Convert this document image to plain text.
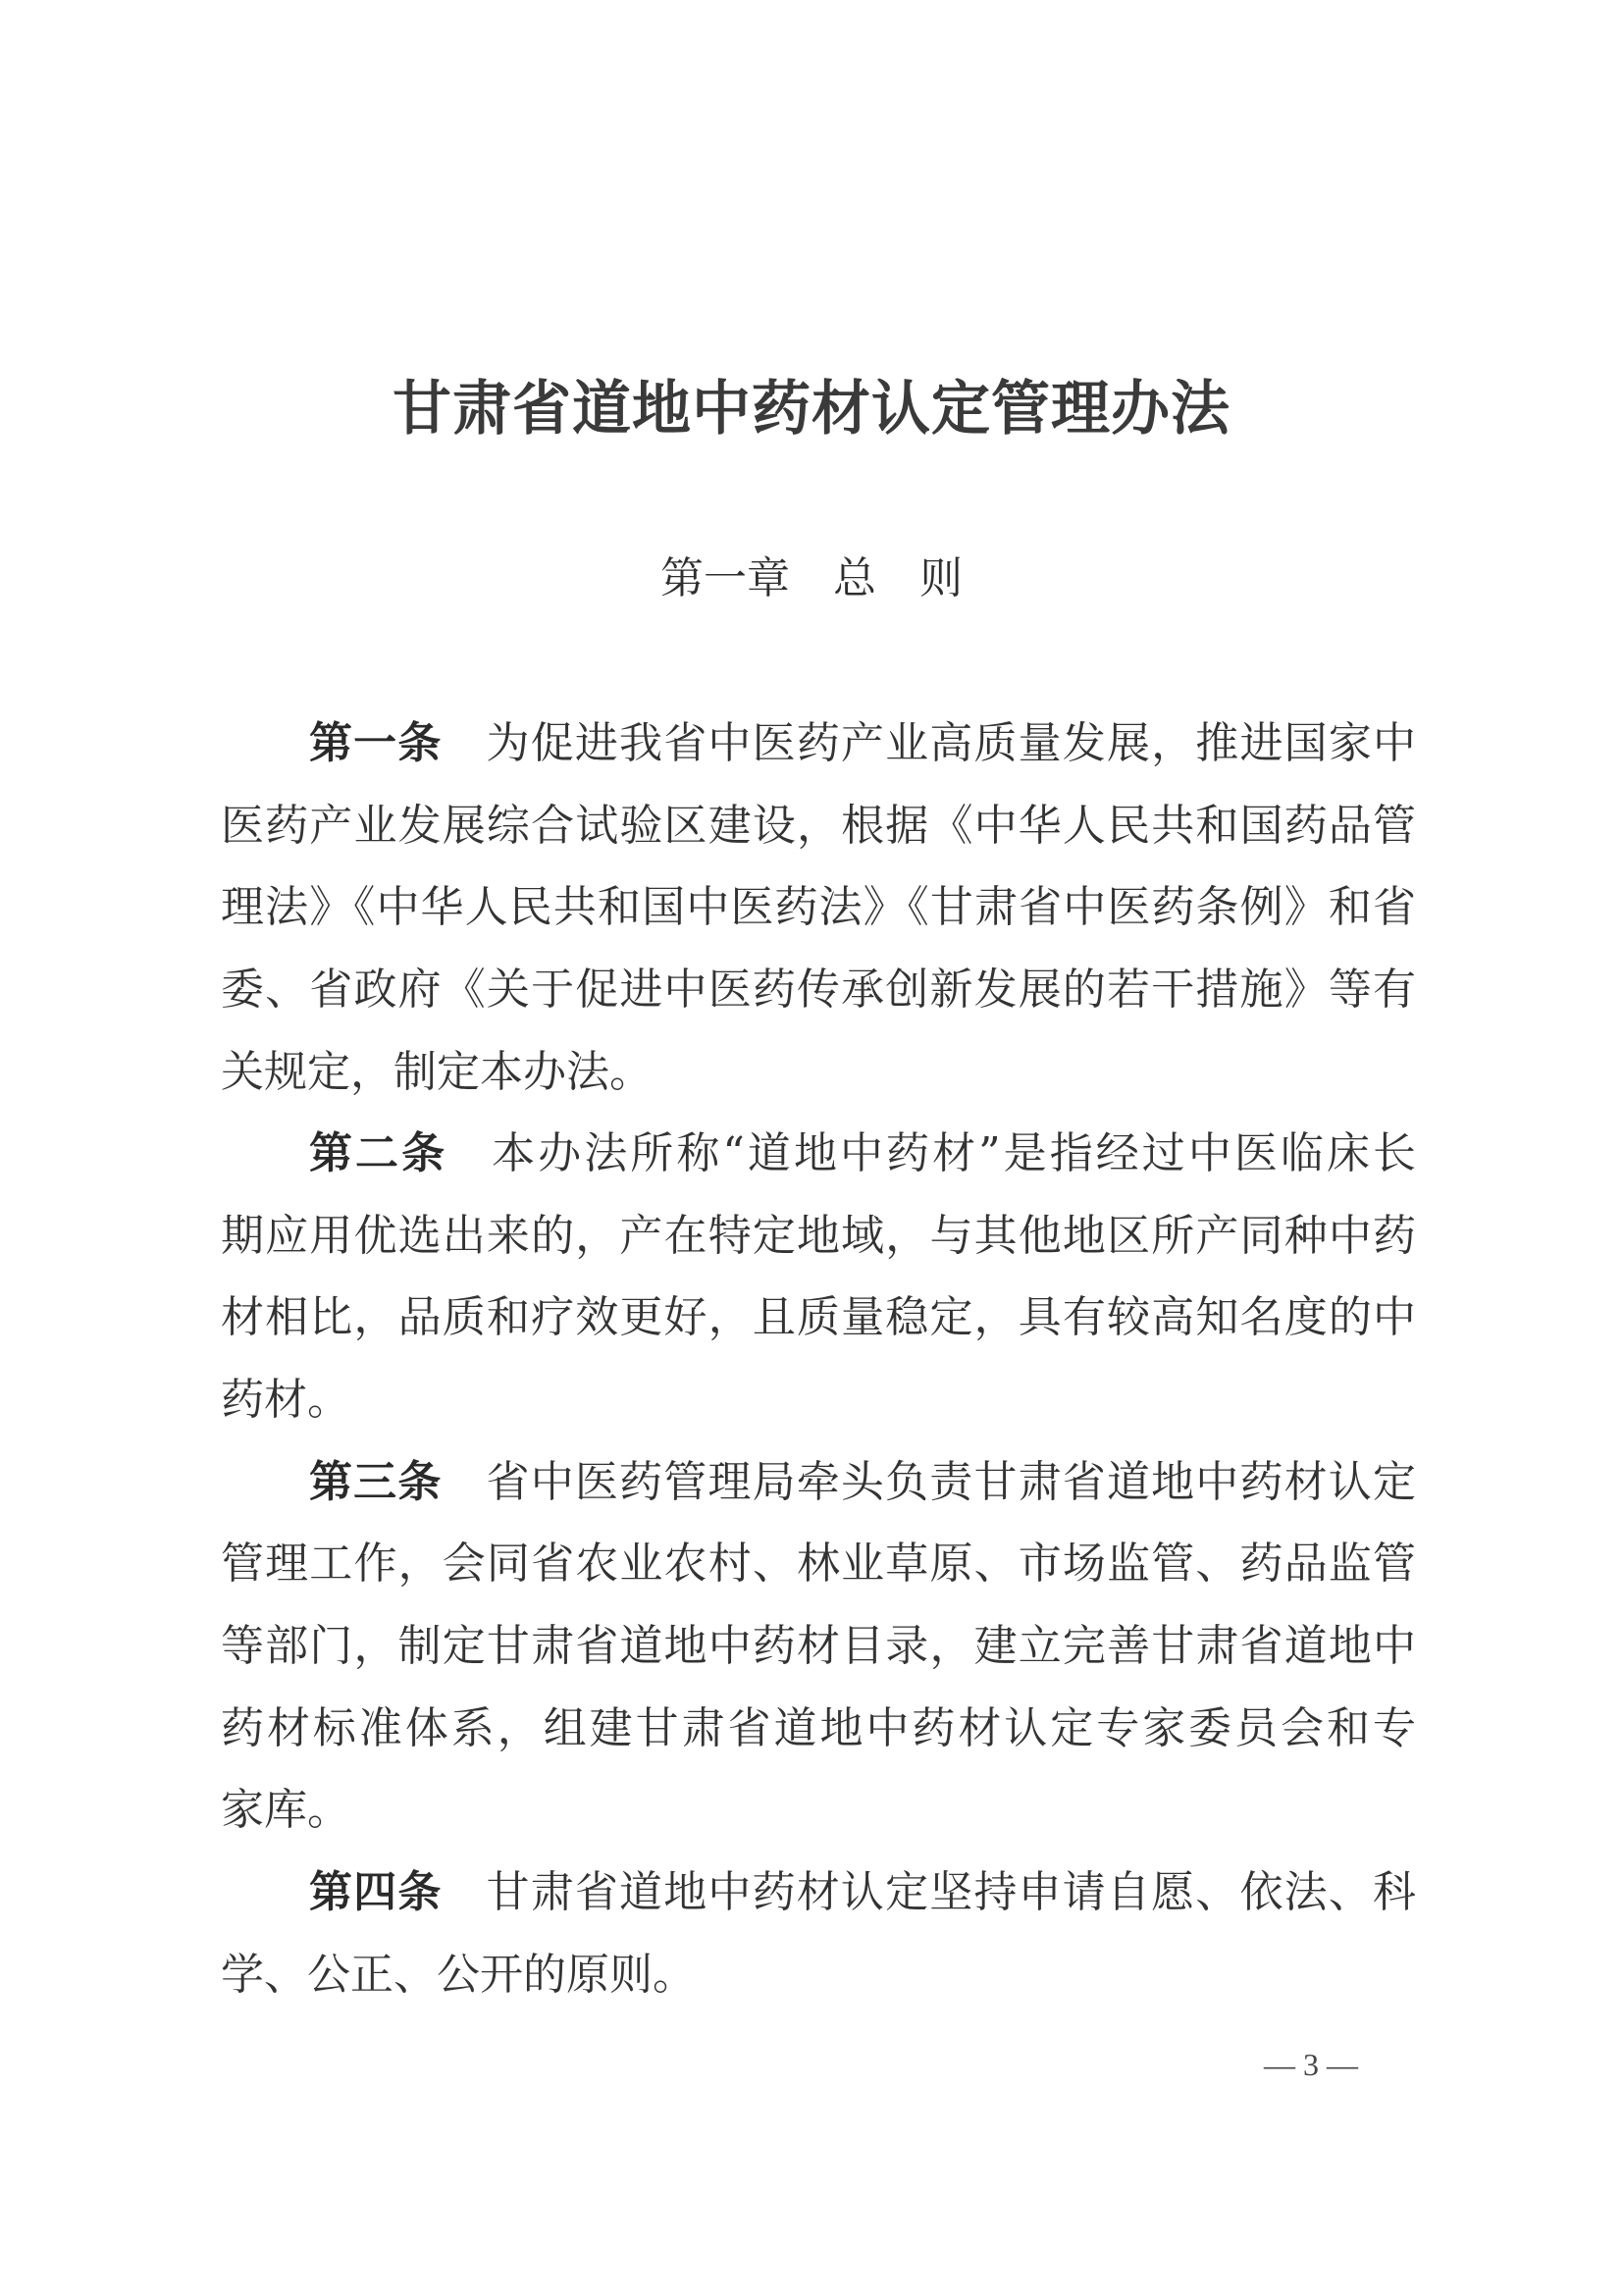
甘肃省道地中药材认定管理办法
第一章　总　则
第一条 为促进我省中医药产业高质量发展，推进国家中
医药产业发展综合试验区建设，根据《中华人民共和国药品管
理法》《中华人民共和国中医药法》《甘肃省中医药条例》和省
委、省政府《关于促进中医药传承创新发展的若干措施》等有
关规定，制定本办法。
第二条 本办法所称“道地中药材”是指经过中医临床长
期应用优选出来的，产在特定地域，与其他地区所产同种中药
材相比，品质和疗效更好，且质量稳定，具有较高知名度的中
药材。
第三条 省中医药管理局牵头负责甘肃省道地中药材认定
管理工作，会同省农业农村、林业草原、市场监管、药品监管
等部门，制定甘肃省道地中药材目录，建立完善甘肃省道地中
药材标准体系，组建甘肃省道地中药材认定专家委员会和专
家库。
第四条 甘肃省道地中药材认定坚持申请自愿、依法、科
学、公正、公开的原则。
— 3 —
